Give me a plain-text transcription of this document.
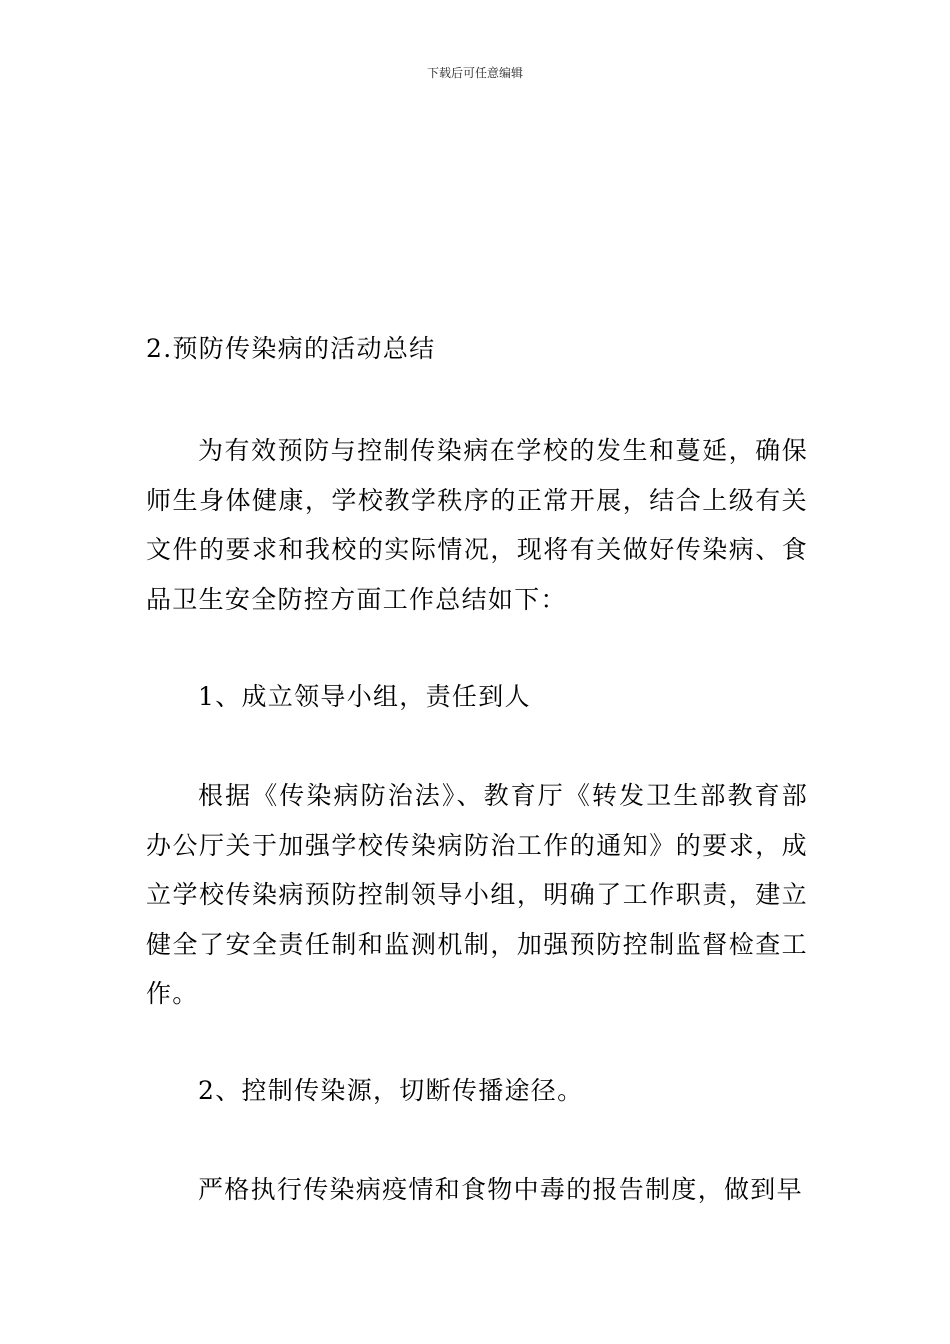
下载后可任意编辑
2.预防传染病的活动总结
为有效预防与控制传染病在学校的发生和蔓延，确保师生身体健康，学校教学秩序的正常开展，结合上级有关文件的要求和我校的实际情况，现将有关做好传染病、食品卫生安全防控方面工作总结如下：
1、成立领导小组，责任到人
根据《传染病防治法》、教育厅《转发卫生部教育部办公厅关于加强学校传染病防治工作的通知》的要求，成立学校传染病预防控制领导小组，明确了工作职责，建立健全了安全责任制和监测机制，加强预防控制监督检查工作。
2、控制传染源，切断传播途径。
严格执行传染病疫情和食物中毒的报告制度，做到早
